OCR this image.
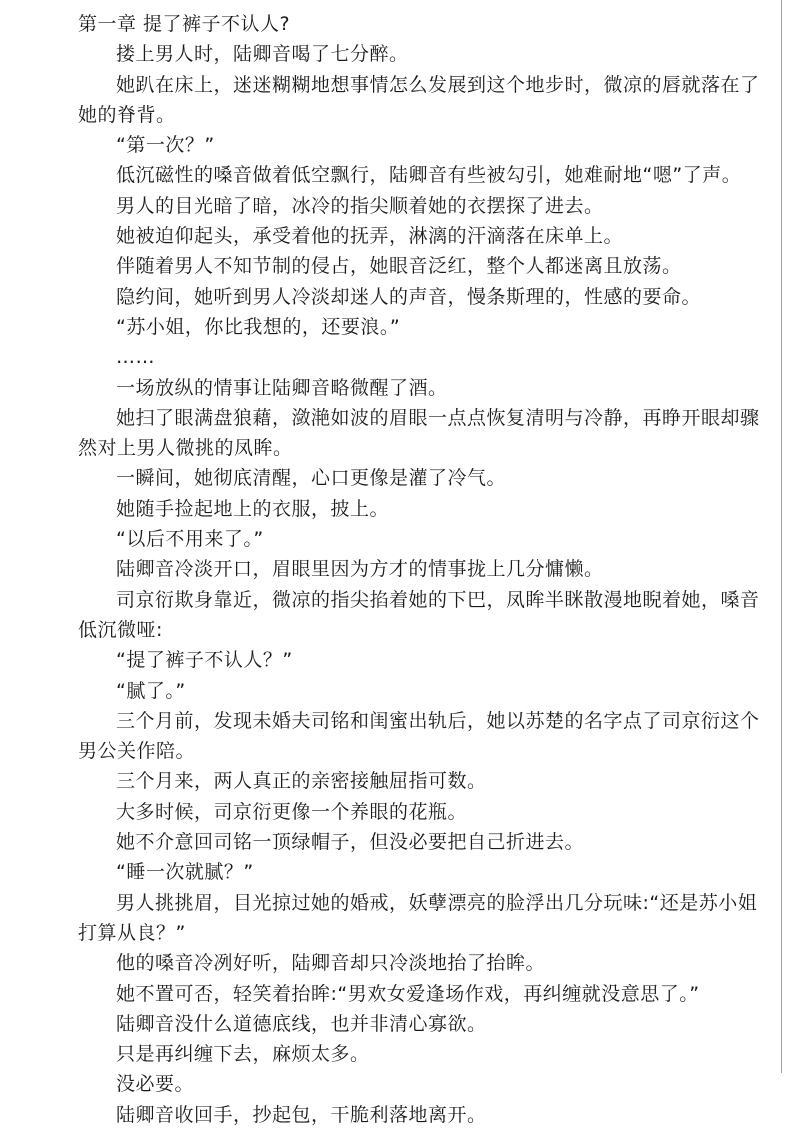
第一章 提了裤子不认人?
搂上男人时，陆卿音喝了七分醉。
她趴在床上，迷迷糊糊地想事情怎么发展到这个地步时，微凉的唇就落在了
她的脊背。
“第一次？”
低沉磁性的嗓音做着低空飘行，陆卿音有些被勾引，她难耐地“嗯”了声。
男人的目光暗了暗，冰冷的指尖顺着她的衣摆探了进去。
她被迫仰起头，承受着他的抚弄，淋漓的汗滴落在床单上。
伴随着男人不知节制的侵占，她眼音泛红，整个人都迷离且放荡。
隐约间，她听到男人冷淡却迷人的声音，慢条斯理的，性感的要命。
“苏小姐，你比我想的，还要浪。”
……
一场放纵的情事让陆卿音略微醒了酒。
她扫了眼满盘狼藉，潋滟如波的眉眼一点点恢复清明与冷静，再睁开眼却骤
然对上男人微挑的凤眸。
一瞬间，她彻底清醒，心口更像是灌了冷气。
她随手捡起地上的衣服，披上。
“以后不用来了。”
陆卿音冷淡开口，眉眼里因为方才的情事拢上几分慵懒。
司京衍欺身靠近，微凉的指尖掐着她的下巴，凤眸半眯散漫地睨着她，嗓音
低沉微哑:
“提了裤子不认人？”
“腻了。”
三个月前，发现未婚夫司铭和闺蜜出轨后，她以苏楚的名字点了司京衍这个
男公关作陪。
三个月来，两人真正的亲密接触屈指可数。
大多时候，司京衍更像一个养眼的花瓶。
她不介意回司铭一顶绿帽子，但没必要把自己折进去。
“睡一次就腻？”
男人挑挑眉，目光掠过她的婚戒，妖孽漂亮的脸浮出几分玩味:“还是苏小姐
打算从良？”
他的嗓音冷冽好听，陆卿音却只冷淡地抬了抬眸。
她不置可否，轻笑着抬眸:“男欢女爱逢场作戏，再纠缠就没意思了。”
陆卿音没什么道德底线，也并非清心寡欲。
只是再纠缠下去，麻烦太多。
没必要。
陆卿音收回手，抄起包，干脆利落地离开。
